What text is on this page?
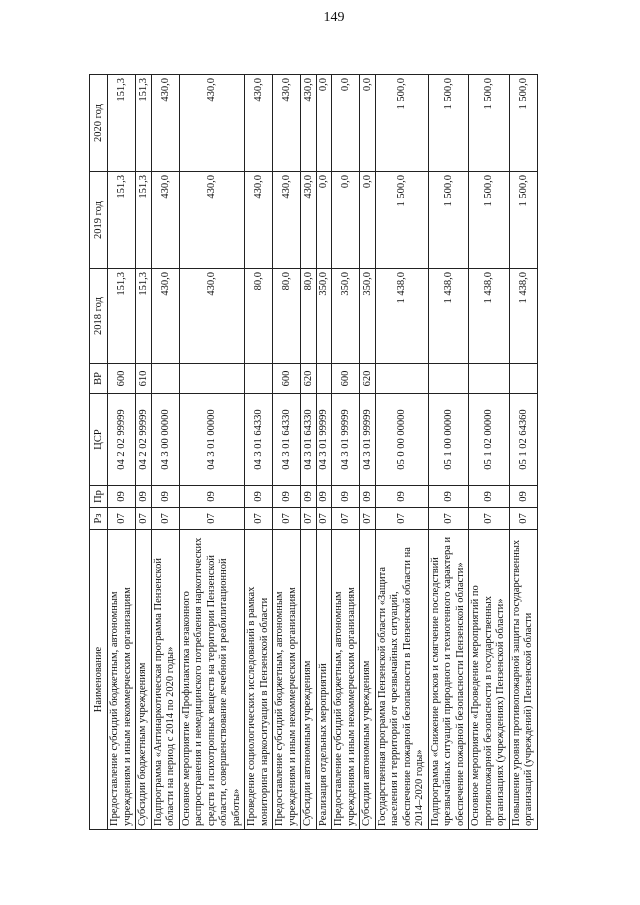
149
Наименование	Рз	Пр	ЦСР	ВР	2018 год	2019 год	2020 год
Предоставление субсидий бюджетным, автономным учреждениям и иным некоммерческим организациям	07	09	04 2 02 99999	600	151,3	151,3	151,3
Субсидии бюджетным учреждениям	07	09	04 2 02 99999	610	151,3	151,3	151,3
Подпрограмма «Антинаркотическая программа Пензенской области на период с 2014 по 2020 годы»	07	09	04 3 00 00000		430,0	430,0	430,0
Основное мероприятие «Профилактика незаконного распространения и немедицинского потребления наркотических средств и психотропных веществ на территории Пензенской области, совершенствование лечебной и реабилитационной работы»	07	09	04 3 01 00000		430,0	430,0	430,0
Проведение социологических исследований в рамках мониторинга наркоситуации в Пензенской области	07	09	04 3 01 64330		80,0	430,0	430,0
Предоставление субсидий бюджетным, автономным учреждениям и иным некоммерческим организациям	07	09	04 3 01 64330	600	80,0	430,0	430,0
Субсидии автономным учреждениям	07	09	04 3 01 64330	620	80,0	430,0	430,0
Реализация отдельных мероприятий	07	09	04 3 01 99999		350,0	0,0	0,0
Предоставление субсидий бюджетным, автономным учреждениям и иным некоммерческим организациям	07	09	04 3 01 99999	600	350,0	0,0	0,0
Субсидии автономным учреждениям	07	09	04 3 01 99999	620	350,0	0,0	0,0
Государственная программа Пензенской области «Защита населения и территорий от чрезвычайных ситуаций, обеспечение пожарной безопасности в Пензенской области на 2014–2020 годы»	07	09	05 0 00 00000		1 438,0	1 500,0	1 500,0
Подпрограмма «Снижение рисков и смягчение последствий чрезвычайных ситуаций природного и техногенного характера и обеспечение пожарной безопасности Пензенской области»	07	09	05 1 00 00000		1 438,0	1 500,0	1 500,0
Основное мероприятие «Проведение мероприятий по противопожарной безопасности в государственных организациях (учреждениях) Пензенской области»	07	09	05 1 02 00000		1 438,0	1 500,0	1 500,0
Повышение уровня противопожарной защиты государственных организаций (учреждений) Пензенской области	07	09	05 1 02 64360		1 438,0	1 500,0	1 500,0
